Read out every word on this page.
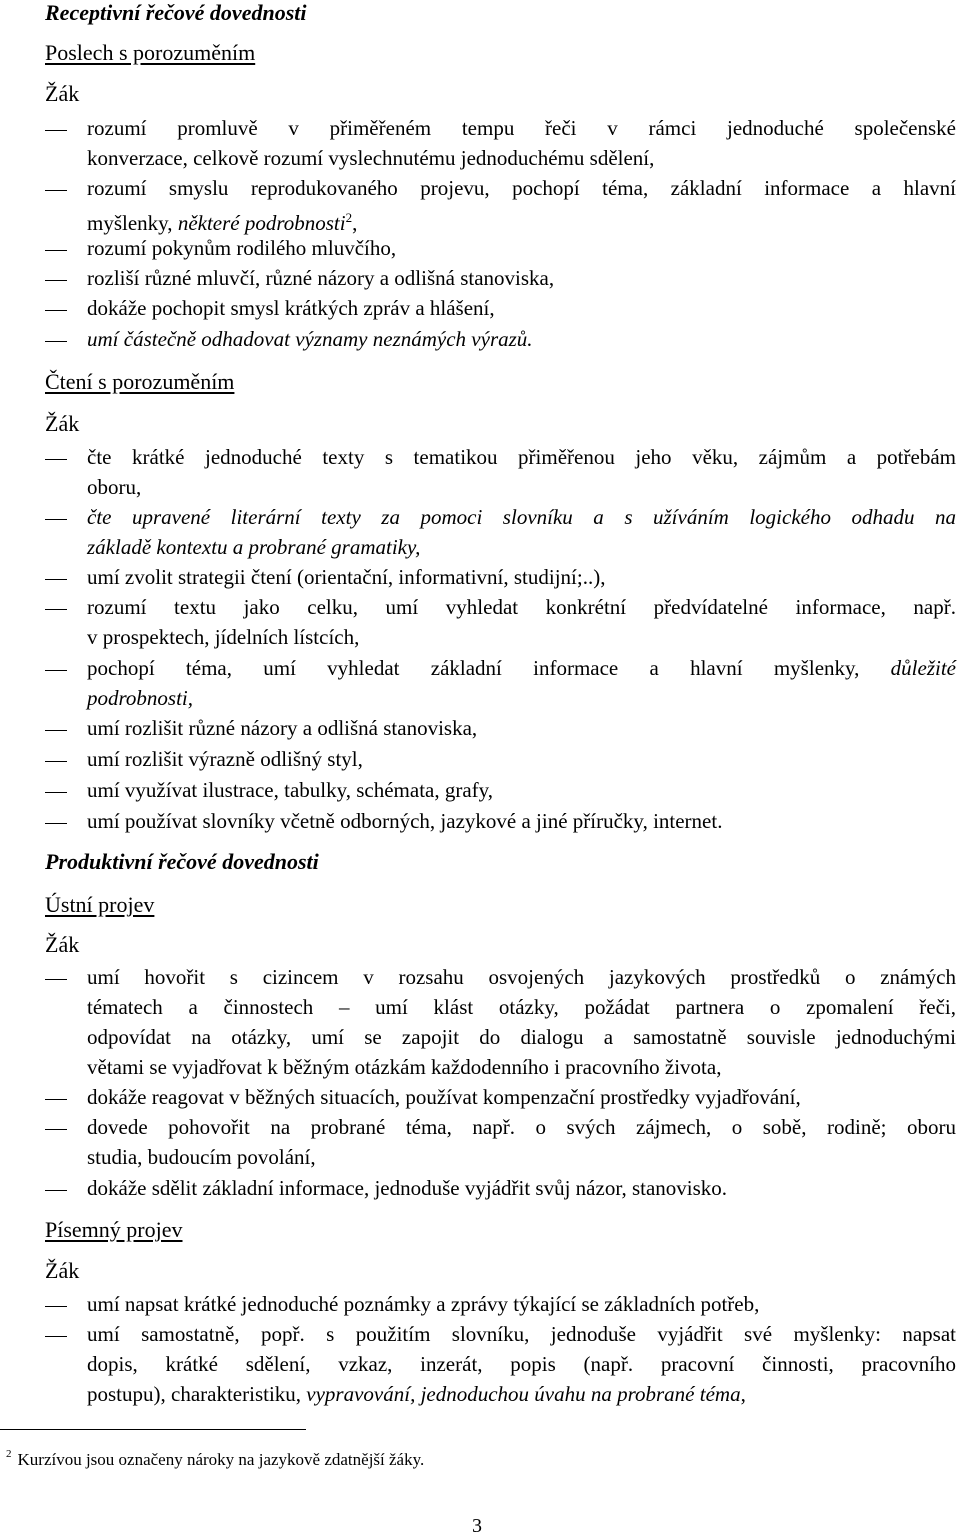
Receptivní řečové dovednosti
Poslech s porozuměním
Žák
rozumí promluvě v přiměřeném tempu řeči v rámci jednoduché společenské
konverzace, celkově rozumí vyslechnutému jednoduchému sdělení,
rozumí smyslu reprodukovaného projevu, pochopí téma, základní informace a hlavní
myšlenky, některé podrobnosti$^2$,
rozumí pokynům rodilého mluvčího,
rozliší různé mluvčí, různé názory a odlišná stanoviska,
dokáže pochopit smysl krátkých zpráv a hlášení,
umí částečně odhadovat významy neznámých výrazů.
Čtení s porozuměním
Žák
čte krátké jednoduché texty s tematikou přiměřenou jeho věku, zájmům a potřebám
oboru,
čte upravené literární texty za pomoci slovníku a s užíváním logického odhadu na
základě kontextu a probrané gramatiky,
umí zvolit strategii čtení (orientační, informativní, studijní;..),
rozumí textu jako celku, umí vyhledat konkrétní předvídatelné informace, např.
v prospektech, jídelních lístcích,
pochopí téma, umí vyhledat základní informace a hlavní myšlenky, důležité
podrobnosti,
umí rozlišit různé názory a odlišná stanoviska,
umí rozlišit výrazně odlišný styl,
umí využívat ilustrace, tabulky, schémata, grafy,
umí používat slovníky včetně odborných, jazykové a jiné příručky, internet.
Produktivní řečové dovednosti
Ústní projev
Žák
umí hovořit s cizincem v rozsahu osvojených jazykových prostředků o známých
tématech a činnostech – umí klást otázky, požádat partnera o zpomalení řeči,
odpovídat na otázky, umí se zapojit do dialogu a samostatně souvisle jednoduchými
větami se vyjadřovat k běžným otázkám každodenního i pracovního života,
dokáže reagovat v běžných situacích, používat kompenzační prostředky vyjadřování,
dovede pohovořit na probrané téma, např. o svých zájmech, o sobě, rodině; oboru
studia, budoucím povolání,
dokáže sdělit základní informace, jednoduše vyjádřit svůj názor, stanovisko.
Písemný projev
Žák
umí napsat krátké jednoduché poznámky a zprávy týkající se základních potřeb,
umí samostatně, popř. s použitím slovníku, jednoduše vyjádřit své myšlenky: napsat
dopis, krátké sdělení, vzkaz, inzerát, popis (např. pracovní činnosti, pracovního
postupu), charakteristiku, vypravování, jednoduchou úvahu na probrané téma,
$^2$ Kurzívou jsou označeny nároky na jazykově zdatnější žáky.
3
